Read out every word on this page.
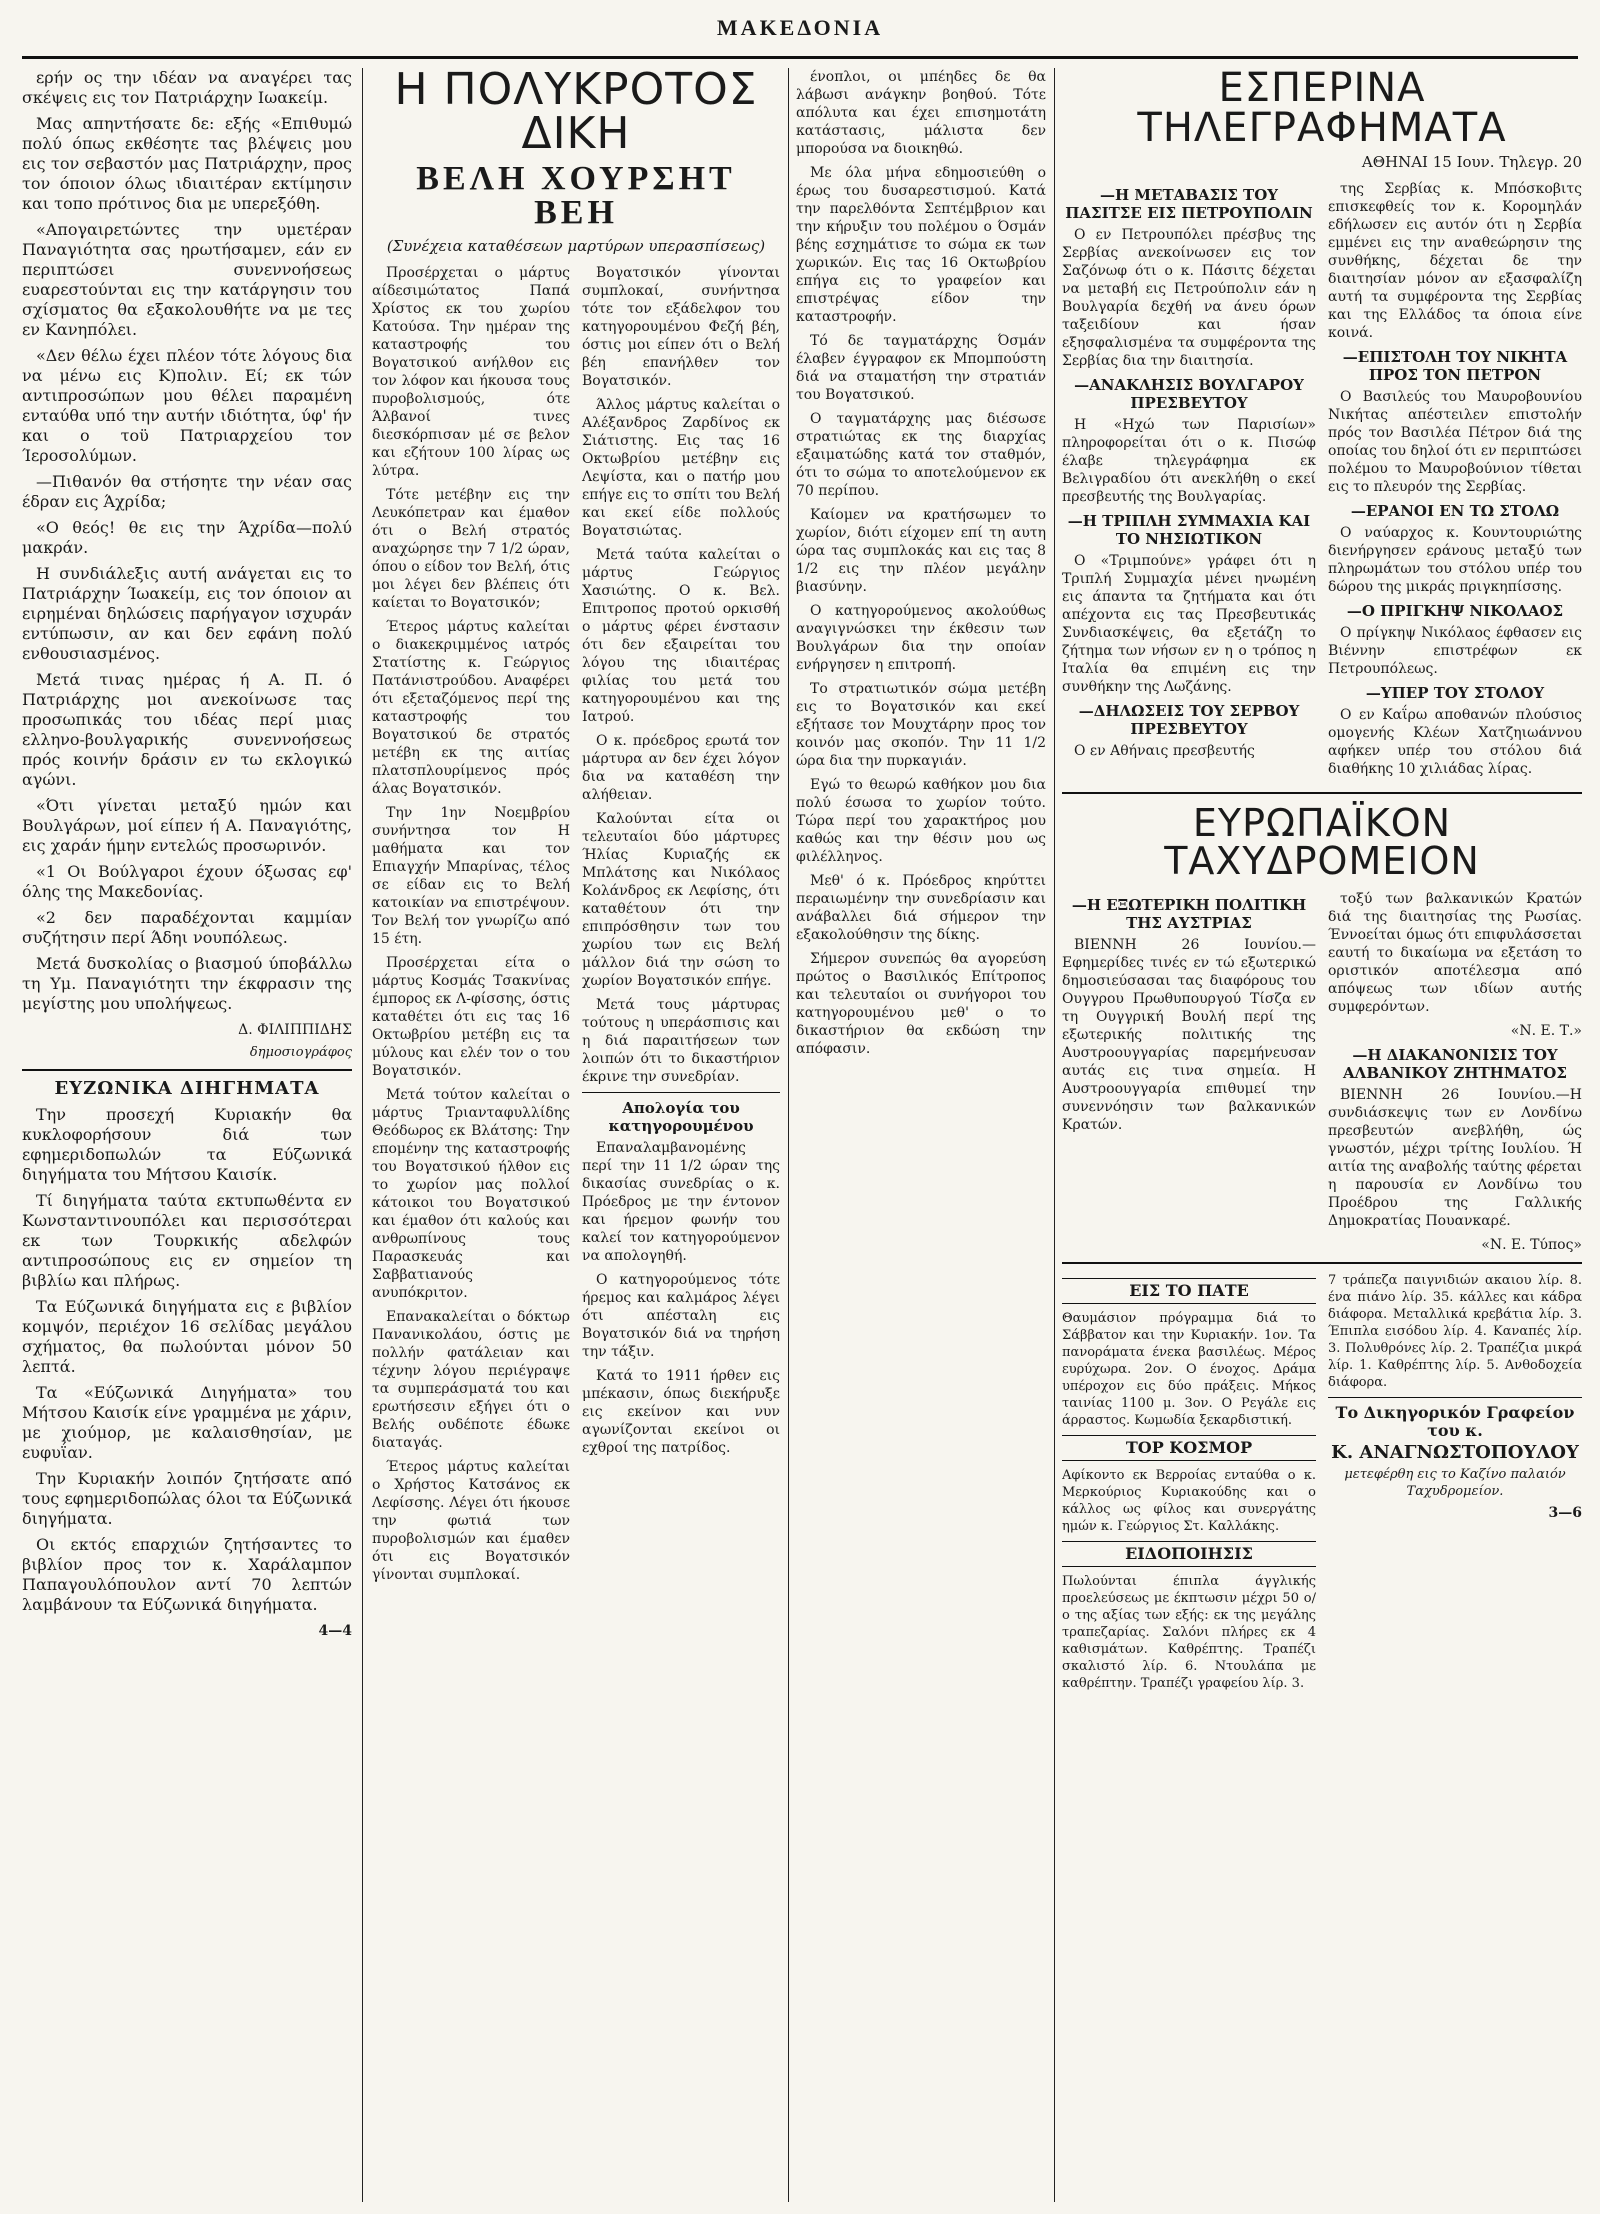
ΜΑΚΕΔΟΝΙΑ

ερήν ος την ιδέαν να αναγέρει τας σκέψεις εις τον Πατριάρχην Ιωακείμ.

Μας απηντήσατε δε: εξής «Επιθυμώ πολύ όπως εκθέσητε τας βλέψεις μου εις τον σεβαστόν μας Πατριάρχην, προς τον όποιον όλως ιδιαιτέραν εκτίμησιν και τοπο πρότινος δια με υπερεξόθη.

«Απογαιρετώντες την υμετέραν Παναγιότητα σας ηρωτήσαμεν, εάν εν περιπτώσει συνεννοήσεως ευαρεστούνται εις την κατάργησιν του σχίσματος θα εξακολουθήτε να με τες εν Κανηπόλει.

«Δεν θέλω έχει πλέον τότε λόγους δια να μένω εις Κ)πολιν. Εί; εκ τών αντιπροσώπων μου θέλει παραμένη ενταύθα υπό την αυτήν ιδιότητα, ύφ' ήν και ο τοϋ Πατριαρχείου τον Ίεροσολύμων.

—Πιθανόν θα στήσητε την νέαν σας έδραν εις Άχρίδα;

«Ο θεός! θε εις την Άχρίδα—πολύ μακράν.

Η συνδιάλεξις αυτή ανάγεται εις το Πατριάρχην Ίωακείμ, εις τον όποιον αι ειρημέναι δηλώσεις παρήγαγον ισχυράν εντύπωσιν, αν και δεν εφάνη πολύ ενθουσιασμένος.

Μετά τινας ημέρας ή Α. Π. ό Πατριάρχης μοι ανεκοίνωσε τας προσωπικάς του ιδέας περί μιας ελληνο-βουλγαρικής συνεννοήσεως πρός κοινήν δράσιν εν τω εκλογικώ αγώνι.

«Ότι γίνεται μεταξύ ημών και Βουλγάρων, μοί είπεν ή Α. Παναγιότης, εις χαράν ήμην εντελώς προσωρινόν.

«1 Οι Βούλγαροι έχουν όξωσας εφ' όλης της Μακεδονίας.

«2 δεν παραδέχονται καμμίαν συζήτησιν περί Άδηι νουπόλεως.

Μετά δυσκολίας ο βιασμού ύποβάλλω τη Υμ. Παναγιότητι την έκφρασιν της μεγίστης μου υπολήψεως.

Δ. ΦΙΛΙΠΠΙΔΗΣ
δημοσιογράφος
ΕΥΖΩΝΙΚΑ ΔΙΗΓΗΜΑΤΑ

Την προσεχή Κυριακήν θα κυκλοφορήσουν διά των εφημεριδοπωλών τα Εύζωνικά διηγήματα του Μήτσου Καισίκ.

Τί διηγήματα ταύτα εκτυπωθέντα εν Κωνσταντινουπόλει και περισσότεραι εκ των Τουρκικής αδελφών αντιπροσώπους εις εν σημείον τη βιβλίω και πλήρως.

Τα Εύζωνικά διηγήματα εις ε βιβλίον κομψόν, περιέχον 16 σελίδας μεγάλου σχήματος, θα πωλούνται μόνον 50 λεπτά.

Τα «Εύζωνικά Διηγήματα» του Μήτσου Καισίκ είνε γραμμένα με χάριν, με χιούμορ, με καλαισθησίαν, με ευφυΐαν.

Την Κυριακήν λοιπόν ζητήσατε από τους εφημεριδοπώλας όλοι τα Εύζωνικά διηγήματα.

Οι εκτός επαρχιών ζητήσαντες το βιβλίον προς τον κ. Χαράλαμπον Παπαγουλόπουλον αντί 70 λεπτών λαμβάνουν τα Εύζωνικά διηγήματα.

4—4
Η ΠΟΛΥΚΡΟΤΟΣ ΔΙΚΗ
ΒΕΛΗ ΧΟΥΡΣΗΤ ΒΕΗ
(Συνέχεια καταθέσεων μαρτύρων υπερασπίσεως)

Προσέρχεται ο μάρτυς αίδεσιμώτατος Παπά Χρίστος εκ του χωρίου Κατούσα. Την ημέραν της καταστροφής του Βογατσικού ανήλθον εις τον λόφον και ήκουσα τους πυροβολισμούς, ότε Άλβανοί τινες διεσκόρπισαν μέ σε βελον και εζήτουν 100 λίρας ως λύτρα.

Τότε μετέβην εις την Λευκόπετραν και έμαθον ότι ο Βελή στρατός αναχώρησε την 7 1/2 ώραν, όπου ο είδον τον Βελή, ότις μοι λέγει δεν βλέπεις ότι καίεται το Βογατσικόν;

Έτερος μάρτυς καλείται ο διακεκριμμένος ιατρός Στατίστης κ. Γεώργιος Πατάνιστρούδου. Αναφέρει ότι εξεταζόμενος περί της καταστροφής του Βογατσικού δε στρατός μετέβη εκ της αιτίας πλατσπλουρίμενος πρός άλας Βογατσικόν.

Την 1ην Νοεμβρίου συνήντησα τον Η μαθήματα και τον Επιαγχήν Μπαρίνας, τέλος σε είδαν εις το Βελή κατοικίαν να επιστρέψουν. Τον Βελή τον γνωρίζω από 15 έτη.

Προσέρχεται είτα ο μάρτυς Κοσμάς Τσακνίνας έμπορος εκ Λ-φίσσης, όστις καταθέτει ότι εις τας 16 Οκτωβρίου μετέβη εις τα μύλους και ελέν τον ο του Βογατσικόν.

Μετά τούτον καλείται ο μάρτυς Τριανταφυλλίδης Θεόδωρος εκ Βλάτσης: Την επομένην της καταστροφής του Βογατσικού ήλθον εις το χωρίον μας πολλοί κάτοικοι του Βογατσικού και έμαθον ότι καλούς και ανθρωπίνους τους Παρασκευάς και Σαββατιανούς ανυπόκριτον.

Επανακαλείται ο δόκτωρ Πανανικολάου, όστις με πολλήν φατάλειαν και τέχνην λόγου περιέγραψε τα συμπεράσματά του και ερωτήσεσιν εξήγει ότι ο Βελής ουδέποτε έδωκε διαταγάς.

Έτερος μάρτυς καλείται ο Χρήστος Κατσάνος εκ Λεφίσσης. Λέγει ότι ήκουσε την φωτιά των πυροβολισμών και έμαθεν ότι εις Βογατσικόν γίνονται συμπλοκαί.

Βογατσικόν γίνονται συμπλοκαί, συνήντησα τότε τον εξάδελφον του κατηγορουμένου Φεζή βέη, όστις μοι είπεν ότι ο Βελή βέη επανήλθεν τον Βογατσικόν.

Άλλος μάρτυς καλείται ο Αλέξανδρος Ζαρδίνος εκ Σιάτιστης. Εις τας 16 Οκτωβρίου μετέβην εις Λεψίστα, και ο πατήρ μου επήγε εις το σπίτι του Βελή και εκεί είδε πολλούς Βογατσιώτας.

Μετά ταύτα καλείται ο μάρτυς Γεώργιος Χασιώτης. Ο κ. Βελ. Επιτροπος προτού ορκισθή ο μάρτυς φέρει ένστασιν ότι δεν εξαιρείται του λόγου της ιδιαιτέρας φιλίας του μετά του κατηγορουμένου και της Ιατρού.

Ο κ. πρόεδρος ερωτά τον μάρτυρα αν δεν έχει λόγον δια να καταθέση την αλήθειαν.

Καλούνται είτα οι τελευταίοι δύο μάρτυρες Ήλίας Κυριαζής εκ Μπλάτσης και Νικόλαος Κολάνδρος εκ Λεφίσης, ότι καταθέτουν ότι την επιπρόσθησιν των του χωρίου των εις Βελή μάλλον διά την σώση το χωρίον Βογατσικόν επήγε.

Μετά τους μάρτυρας τούτους η υπεράσπισις και η διά παραιτήσεων των λοιπών ότι το δικαστήριον έκρινε την συνεδρίαν.

Απολογία του κατηγορουμένου

Επαναλαμβανομένης περί την 11 1/2 ώραν της δικασίας συνεδρίας ο κ. Πρόεδρος με την έντονον και ήρεμον φωνήν του καλεί τον κατηγορούμενον να απολογηθή.

Ο κατηγορούμενος τότε ήρεμος και καλμάρος λέγει ότι απέσταλη εις Βογατσικόν διά να τηρήση την τάξιν.

Κατά το 1911 ήρθεν εις μπέκασιν, όπως διεκήρυξε εις εκείνον και νυν αγωνίζονται εκείνοι οι εχθροί της πατρίδος.

ένοπλοι, οι μπέηδες δε θα λάβωσι ανάγκην βοηθού. Τότε απόλυτα και έχει επισημοτάτη κατάστασις, μάλιστα δεν μπορούσα να διοικηθώ.

Με όλα μήνα εδημοσιεύθη ο έρως του δυσαρεστισμού. Κατά την παρελθόντα Σεπτέμβριον και την κήρυξιν του πολέμου ο Όσμάν βέης εσχημάτισε το σώμα εκ των χωρικών. Εις τας 16 Οκτωβρίου επήγα εις το γραφείον και επιστρέψας είδον την καταστροφήν.

Τό δε ταγματάρχης Όσμάν έλαβεν έγγραφον εκ Μπομπούστη διά να σταματήση την στρατιάν του Βογατσικού.

Ο ταγματάρχης μας διέσωσε στρατιώτας εκ της διαρχίας εξαιματώδης κατά τον σταθμόν, ότι το σώμα το αποτελούμενον εκ 70 περίπου.

Καίομεν να κρατήσωμεν το χωρίον, διότι είχομεν επί τη αυτη ώρα τας συμπλοκάς και εις τας 8 1/2 εις την πλέον μεγάλην βιασύνην.

Ο κατηγορούμενος ακολούθως αναγιγνώσκει την έκθεσιν των Βουλγάρων δια την οποίαν ενήργησεν η επιτροπή.

Το στρατιωτικόν σώμα μετέβη εις το Βογατσικόν και εκεί εξήτασε τον Μουχτάρην προς τον κοινόν μας σκοπόν. Την 11 1/2 ώρα δια την πυρκαγιάν.

Εγώ το θεωρώ καθήκον μου δια πολύ έσωσα το χωρίον τούτο. Τώρα περί του χαρακτήρος μου καθώς και την θέσιν μου ως φιλέλληνος.

Μεθ' ό κ. Πρόεδρος κηρύττει περαιωμένην την συνεδρίασιν και ανάβαλλει διά σήμερον την εξακολούθησιν της δίκης.

Σήμερον συνεπώς θα αγορεύση πρώτος ο Βασιλικός Επίτροπος και τελευταίοι οι συνήγοροι του κατηγορουμένου μεθ' ο το δικαστήριον θα εκδώση την απόφασιν.

ΕΣΠΕΡΙΝΑ ΤΗΛΕΓΡΑΦΗΜΑΤΑ
ΑΘΗΝΑΙ 15 Ιουν. Τηλεγρ. 20
—Η ΜΕΤΑΒΑΣΙΣ ΤΟΥ ΠΑΣΙΤΣΕ ΕΙΣ ΠΕΤΡΟΥΠΟΛΙΝ

Ο εν Πετρουπόλει πρέσβυς της Σερβίας ανεκοίνωσεν εις τον Σαζόνωφ ότι ο κ. Πάσιτς δέχεται να μεταβή εις Πετρούπολιν εάν η Βουλγαρία δεχθή να άνευ όρων ταξειδίουν και ήσαν εξησφαλισμένα τα συμφέροντα της Σερβίας δια την διαιτησία.

—ΑΝΑΚΛΗΣΙΣ ΒΟΥΛΓΑΡΟΥ ΠΡΕΣΒΕΥΤΟΥ

Η «Ηχώ των Παρισίων» πληροφορείται ότι ο κ. Πισώφ έλαβε τηλεγράφημα εκ Βελιγραδίου ότι ανεκλήθη ο εκεί πρεσβευτής της Βουλγαρίας.

—Η ΤΡΙΠΛΗ ΣΥΜΜΑΧΙΑ ΚΑΙ ΤΟ ΝΗΣΙΩΤΙΚΟΝ

Ο «Τριμπούνε» γράφει ότι η Τριπλή Συμμαχία μένει ηνωμένη εις άπαντα τα ζητήματα και ότι απέχοντα εις τας Πρεσβευτικάς Συνδιασκέψεις, θα εξετάζη το ζήτημα των νήσων εν η ο τρόπος η Ιταλία θα επιμένη εις την συνθήκην της Λωζάνης.

—ΔΗΛΩΣΕΙΣ ΤΟΥ ΣΕΡΒΟΥ ΠΡΕΣΒΕΥΤΟΥ

Ο εν Αθήναις πρεσβευτής

της Σερβίας κ. Μπόσκοβιτς επισκεφθείς τον κ. Κορομηλάν εδήλωσεν εις αυτόν ότι η Σερβία εμμένει εις την αναθεώρησιν της συνθήκης, δέχεται δε την διαιτησίαν μόνον αν εξασφαλίζη αυτή τα συμφέροντα της Σερβίας και της Ελλάδος τα όποια είνε κοινά.

—ΕΠΙΣΤΟΛΗ ΤΟΥ ΝΙΚΗΤΑ ΠΡΟΣ ΤΟΝ ΠΕΤΡΟΝ

Ο Βασιλεύς του Μαυροβουνίου Νικήτας απέστειλεν επιστολήν πρός τον Βασιλέα Πέτρον διά της οποίας του δηλοί ότι εν περιπτώσει πολέμου το Μαυροβούνιον τίθεται εις το πλευρόν της Σερβίας.

—ΕΡΑΝΟΙ ΕΝ ΤΩ ΣΤΟΛΩ

Ο ναύαρχος κ. Κουντουριώτης διενήργησεν εράνους μεταξύ των πληρωμάτων του στόλου υπέρ του δώρου της μικράς πριγκηπίσσης.

—Ο ΠΡΙΓΚΗΨ ΝΙΚΟΛΑΟΣ

Ο πρίγκηψ Νικόλαος έφθασεν εις Βιέννην επιστρέφων εκ Πετρουπόλεως.

—ΥΠΕΡ ΤΟΥ ΣΤΟΛΟΥ

Ο εν Καΐρω αποθανών πλούσιος ομογενής Κλέων Χατζηιωάννου αφήκεν υπέρ του στόλου διά διαθήκης 10 χιλιάδας λίρας.

ΕΥΡΩΠΑΪΚΟΝ ΤΑΧΥΔΡΟΜΕΙΟΝ
—Η ΕΞΩΤΕΡΙΚΗ ΠΟΛΙΤΙΚΗ ΤΗΣ ΑΥΣΤΡΙΑΣ

ΒΙΕΝΝΗ 26 Ιουνίου.—Εφημερίδες τινές εν τώ εξωτερικώ δημοσιεύσασαι τας διαφόρους του Ουγγρου Πρωθυπουργού Τίσζα εν τη Ουγγρική Βουλή περί της εξωτερικής πολιτικής της Αυστροουγγαρίας παρεμήνευσαν αυτάς εις τινα σημεία. Η Αυστροουγγαρία επιθυμεί την συνεννόησιν των βαλκανικών Κρατών.

τοξύ των βαλκανικών Κρατών διά της διαιτησίας της Ρωσίας. Έννοείται όμως ότι επιφυλάσσεται εαυτή το δικαίωμα να εξετάση το οριστικόν αποτέλεσμα από απόψεως των ιδίων αυτής συμφερόντων.

«Ν. Ε. Τ.»
—Η ΔΙΑΚΑΝΟΝΙΣΙΣ ΤΟΥ ΑΛΒΑΝΙΚΟΥ ΖΗΤΗΜΑΤΟΣ

ΒΙΕΝΝΗ 26 Ιουνίου.—Η συνδιάσκεψις των εν Λονδίνω πρεσβευτών ανεβλήθη, ώς γνωστόν, μέχρι τρίτης Ιουλίου. Ή αιτία της αναβολής ταύτης φέρεται η παρουσία εν Λονδίνω του Προέδρου της Γαλλικής Δημοκρατίας Πουανκαρέ.

«Ν. Ε. Τύπος»
ΕΙΣ ΤΟ ΠΑΤΕ
Θαυμάσιον πρόγραμμα διά το Σάββατον και την Κυριακήν. 1ον. Τα πανοράματα ένεκα βασιλέως. Μέρος ευρύχωρα. 2ον. Ο ένοχος. Δράμα υπέροχον εις δύο πράξεις. Μήκος ταινίας 1100 μ. 3ον. Ο Ρεγάλε εις άρραστος. Κωμωδία ξεκαρδιστική.
ΤΟΡ ΚΟΣΜΟΡ
Αφίκοντο εκ Βερροίας ενταύθα ο κ. Μερκούριος Κυριακούδης και ο κάλλος ως φίλος και συνεργάτης ημών κ. Γεώργιος Στ. Καλλάκης.
ΕΙΔΟΠΟΙΗΣΙΣ
Πωλούνται έπιπλα άγγλικής προελεύσεως με έκπτωσιν μέχρι 50 ο/ο της αξίας των εξής: εκ της μεγάλης τραπεζαρίας. Σαλόνι πλήρες εκ 4 καθισμάτων. Καθρέπτης. Τραπέζι σκαλιστό λίρ. 6. Ντουλάπα με καθρέπτην. Τραπέζι γραφείου λίρ. 3.
7 τράπεζα παιγνιδιών ακαιου λίρ. 8. ένα πιάνο λίρ. 35. κάλλες και κάδρα διάφορα. Μεταλλικά κρεβάτια λίρ. 3. Έπιπλα εισόδου λίρ. 4. Καναπές λίρ. 3. Πολυθρόνες λίρ. 2. Τραπέζια μικρά λίρ. 1. Καθρέπτης λίρ. 5. Ανθοδοχεία διάφορα.
Το Δικηγορικόν Γραφείον του κ.
Κ. ΑΝΑΓΝΩΣΤΟΠΟΥΛΟΥ
μετεφέρθη εις το Καζίνο παλαιόν Ταχυδρομείον.
3—6
